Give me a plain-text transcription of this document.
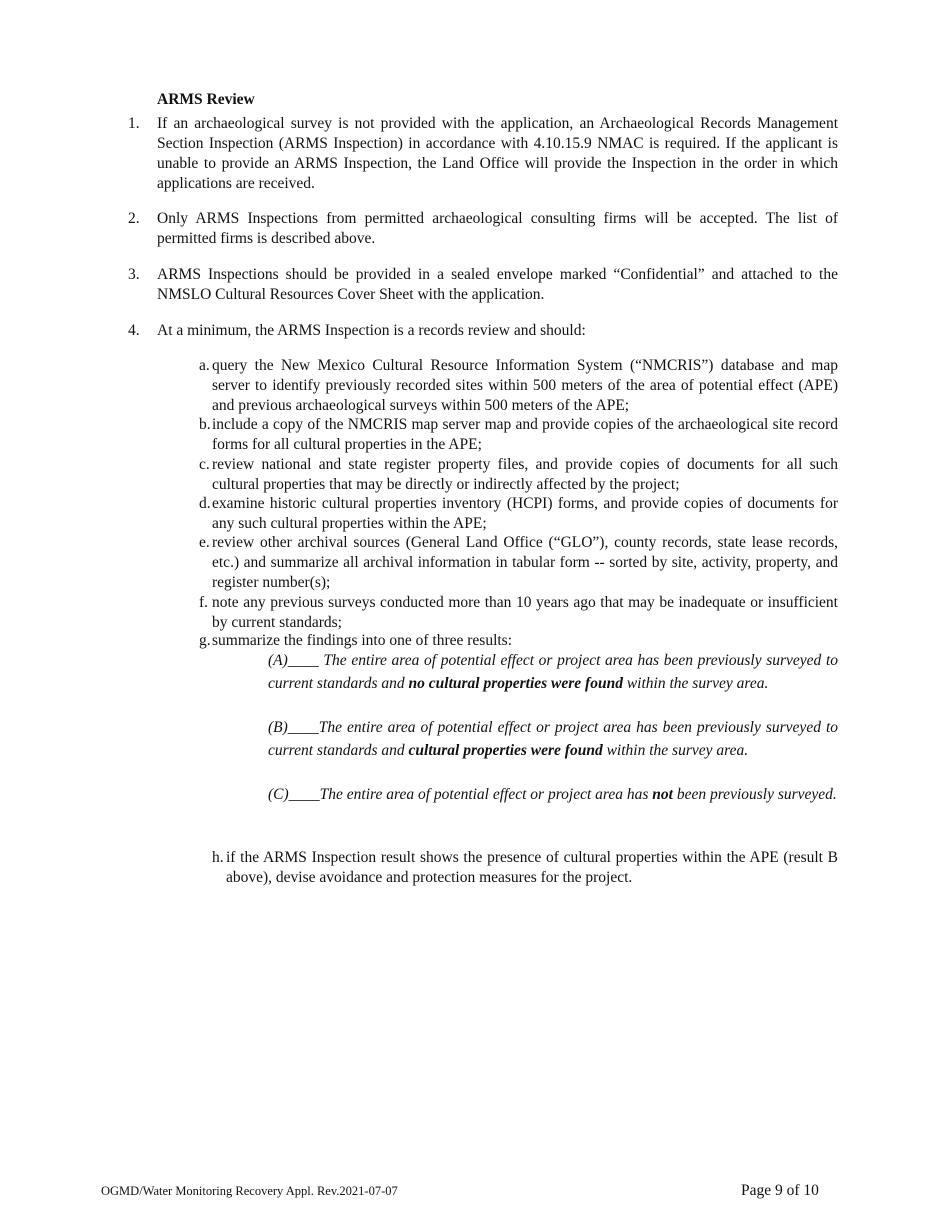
ARMS Review
1.	If an archaeological survey is not provided with the application, an Archaeological Records Management Section Inspection (ARMS Inspection) in accordance with 4.10.15.9 NMAC is required. If the applicant is unable to provide an ARMS Inspection, the Land Office will provide the Inspection in the order in which applications are received.
2.	Only ARMS Inspections from permitted archaeological consulting firms will be accepted. The list of permitted firms is described above.
3.	ARMS Inspections should be provided in a sealed envelope marked “Confidential” and attached to the NMSLO Cultural Resources Cover Sheet with the application.
4.	At a minimum, the ARMS Inspection is a records review and should:
a. query the New Mexico Cultural Resource Information System (“NMCRIS”) database and map server to identify previously recorded sites within 500 meters of the area of potential effect (APE) and previous archaeological surveys within 500 meters of the APE;
b. include a copy of the NMCRIS map server map and provide copies of the archaeological site record forms for all cultural properties in the APE;
c. review national and state register property files, and provide copies of documents for all such cultural properties that may be directly or indirectly affected by the project;
d. examine historic cultural properties inventory (HCPI) forms, and provide copies of documents for any such cultural properties within the APE;
e. review other archival sources (General Land Office (“GLO”), county records, state lease records, etc.) and summarize all archival information in tabular form -- sorted by site, activity, property, and register number(s);
f. note any previous surveys conducted more than 10 years ago that may be inadequate or insufficient by current standards;
g. summarize the findings into one of three results:
(A)____ The entire area of potential effect or project area has been previously surveyed to current standards and no cultural properties were found within the survey area.
(B)____The entire area of potential effect or project area has been previously surveyed to current standards and cultural properties were found within the survey area.
(C)____The entire area of potential effect or project area has not been previously surveyed.
h. if the ARMS Inspection result shows the presence of cultural properties within the APE (result B above), devise avoidance and protection measures for the project.
OGMD/Water Monitoring Recovery Appl. Rev.2021-07-07	Page 9 of 10
